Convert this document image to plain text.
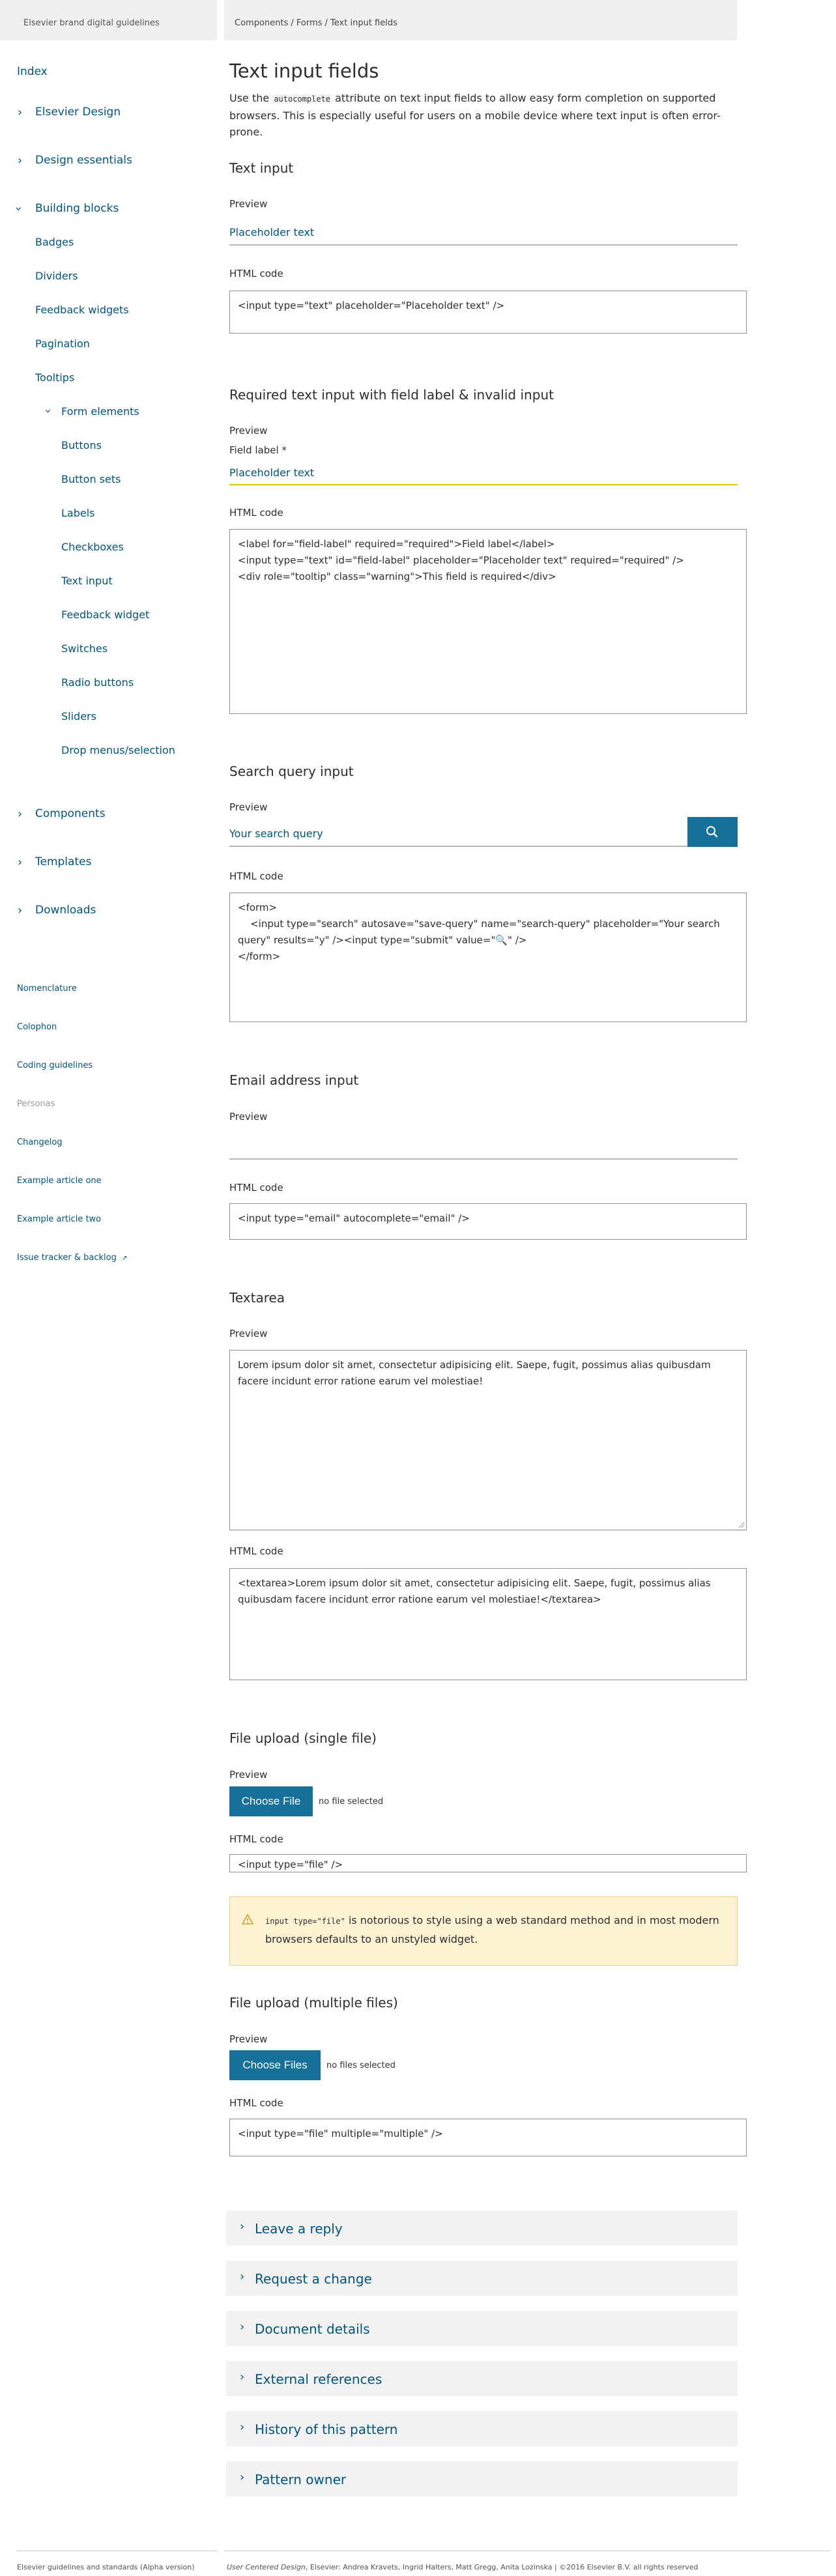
Elsevier brand digital guidelines	Components / Forms / Text input fields
Index
› Elsevier Design
› Design essentials
› Building blocks
Badges
Dividers
Feedback widgets
Pagination
Tooltips
› Form elements
Buttons
Button sets
Labels
Checkboxes
Text input
Feedback widget
Switches
Radio buttons
Sliders
Drop menus/selection
› Components
› Templates
› Downloads
Nomenclature
Colophon
Coding guidelines
Personas
Changelog
Example article one
Example article two
Issue tracker & backlog ↗
Text input fields

Use the autocomplete attribute on text input fields to allow easy form completion on supported browsers. This is especially useful for users on a mobile device where text input is often error-prone.

Text input
Preview
Placeholder text
HTML code
<input type="text" placeholder="Placeholder text" />
Required text input with field label & invalid input
Preview
Field label *
Placeholder text
HTML code
<label for="field-label" required="required">Field label</label>
<input type="text" id="field-label" placeholder="Placeholder text" required="required" />
<div role="tooltip" class="warning">This field is required</div>
Search query input
Preview
Your search query
HTML code
<form>
<input type="search" autosave="save-query" name="search-query" placeholder="Your search query" results="y" /><input type="submit" value="🔍" />
</form>
Email address input
Preview
HTML code
<input type="email" autocomplete="email" />
Textarea
Preview
Lorem ipsum dolor sit amet, consectetur adipisicing elit. Saepe, fugit, possimus alias quibusdam facere incidunt error ratione earum vel molestiae!
HTML code
<textarea>Lorem ipsum dolor sit amet, consectetur adipisicing elit. Saepe, fugit, possimus alias quibusdam facere incidunt error ratione earum vel molestiae!</textarea>
File upload (single file)
Preview
Choose File	no file selected
HTML code
<input type="file" />

input type="file" is notorious to style using a web standard method and in most modern browsers defaults to an unstyled widget.

File upload (multiple files)
Preview
Choose Files	no files selected
HTML code
<input type="file" multiple="multiple" />
› Leave a reply
› Request a change
› Document details
› External references
› History of this pattern
› Pattern owner
Elsevier guidelines and standards (Alpha version)	User Centered Design, Elsevier: Andrea Kravets, Ingrid Halters, Matt Gregg, Anita Lozinska | ©2016 Elsevier B.V. all rights reserved
